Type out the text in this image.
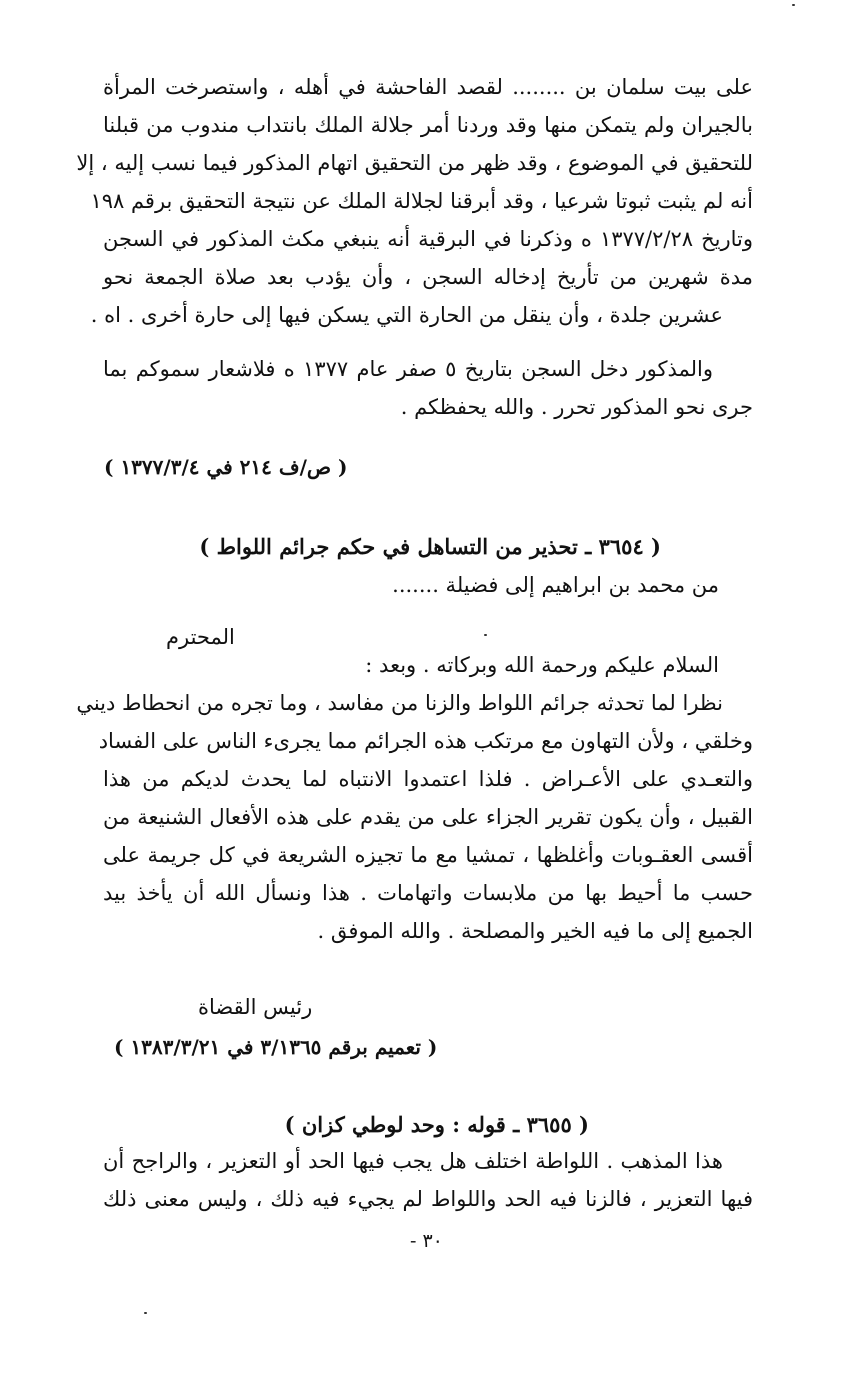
على بيت سلمان بن ........ لقصد الفاحشة في أهله ، واستصرخت المرأة
بالجيران ولم يتمكن منها وقد وردنا أمر جلالة الملك بانتداب مندوب من قبلنا
للتحقيق في الموضوع ، وقد ظهر من التحقيق اتهام المذكور فيما نسب إليه ، إلا
أنه لم يثبت ثبوتا شرعيا ، وقد أبرقنا لجلالة الملك عن نتيجة التحقيق برقم ١٩٨
وتاريخ ١٣٧٧/٢/٢٨ ه وذكرنا في البرقية أنه ينبغي مكث المذكور في السجن
مدة شهرين من تأريخ إدخاله السجن ، وأن يؤدب بعد صلاة الجمعة نحو
عشرين جلدة ، وأن ينقل من الحارة التي يسكن فيها إلى حارة أخرى . اه .
والمذكور دخل السجن بتاريخ ٥ صفر عام ١٣٧٧ ه فلاشعار سموكم بما
جرى نحو المذكور تحرر . والله يحفظكم .
( ص/ف ٢١٤ في ١٣٧٧/٣/٤ )
( ٣٦٥٤ ـ تحذير من التساهل في حكم جرائم اللواط )
من محمد بن ابراهيم إلى فضيلة .......
المحترم
السلام عليكم ورحمة الله وبركاته . وبعد :
نظرا لما تحدثه جرائم اللواط والزنا من مفاسد ، وما تجره من انحطاط ديني
وخلقي ، ولأن التهاون مع مرتكب هذه الجرائم مما يجرىء الناس على الفساد
والتعـدي على الأعـراض . فلذا اعتمدوا الانتباه لما يحدث لديكم من هذا
القبيل ، وأن يكون تقرير الجزاء على من يقدم على هذه الأفعال الشنيعة من
أقسى العقـوبات وأغلظها ، تمشيا مع ما تجيزه الشريعة في كل جريمة على
حسب ما أحيط بها من ملابسات واتهامات . هذا ونسأل الله أن يأخذ بيد
الجميع إلى ما فيه الخير والمصلحة . والله الموفق .
رئيس القضاة
( تعميم برقم ٣/١٣٦٥ في ١٣٨٣/٣/٢١ )
( ٣٦٥٥ ـ قوله : وحد لوطي كزان )
هذا المذهب . اللواطة اختلف هل يجب فيها الحد أو التعزير ، والراجح أن
فيها التعزير ، فالزنا فيه الحد واللواط لم يجيء فيه ذلك ، وليس معنى ذلك
٣٠ -
